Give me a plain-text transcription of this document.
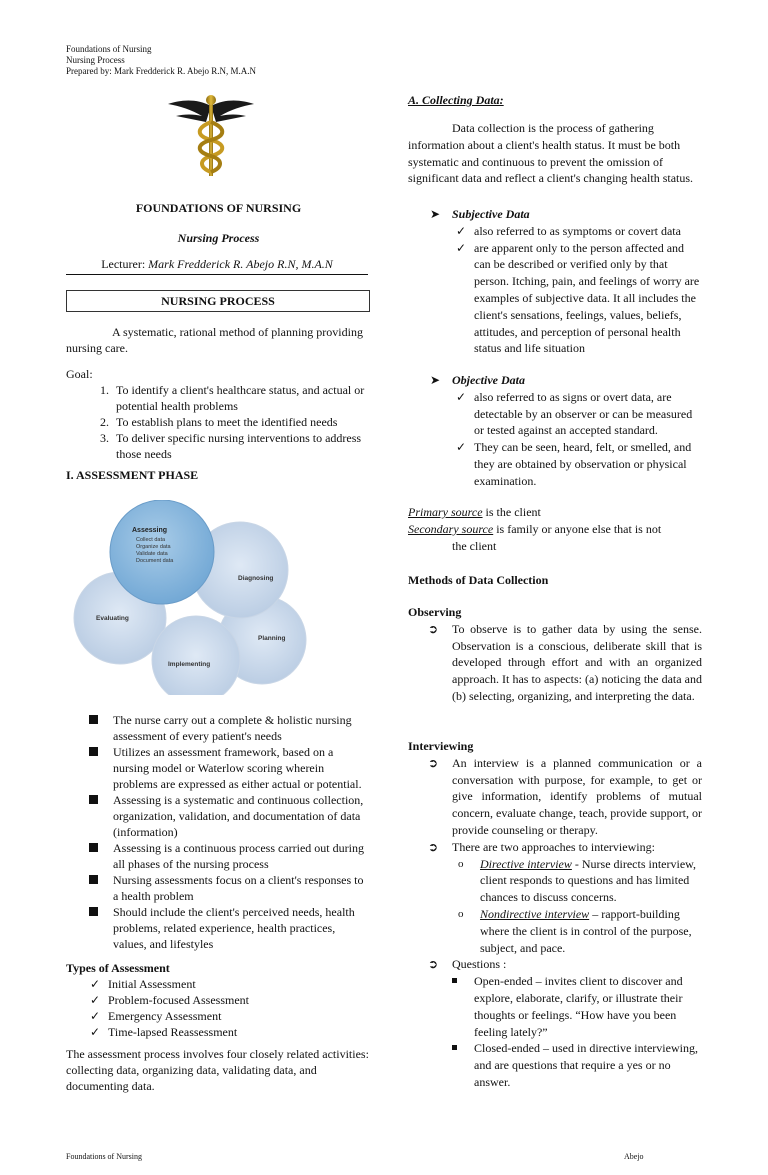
Foundations of Nursing
Nursing Process
Prepared by: Mark Fredderick R. Abejo R.N, M.A.N
FOUNDATIONS OF NURSING
Nursing Process
Lecturer: Mark Fredderick R. Abejo R.N, M.A.N
NURSING PROCESS
A systematic, rational method of planning providing nursing care.
Goal:
1. To identify a client's healthcare status, and actual or potential health problems
2. To establish plans to meet the identified needs
3. To deliver specific nursing interventions to address those needs
I. ASSESSMENT PHASE
Assessing
Collect data
Organize data
Validate data
Document data
Diagnosing
Planning
Implementing
Evaluating
The nurse carry out a complete & holistic nursing assessment of every patient's needs
Utilizes an assessment framework, based on a nursing model or Waterlow scoring wherein problems are expressed as either actual or potential.
Assessing is a systematic and continuous collection, organization, validation, and documentation of data (information)
Assessing is a continuous process carried out during all phases of the nursing process
Nursing assessments focus on a client's responses to a health problem
Should include the client's perceived needs, health problems, related experience, health practices, values, and lifestyles
Types of Assessment
✓ Initial Assessment
✓ Problem-focused Assessment
✓ Emergency Assessment
✓ Time-lapsed Reassessment
The assessment process involves four closely related activities: collecting data, organizing data, validating data, and documenting data.
A. Collecting Data:
Data collection is the process of gathering information about a client's health status. It must be both systematic and continuous to prevent the omission of significant data and reflect a client's changing health status.
➤ Subjective Data
✓ also referred to as symptoms or covert data
✓ are apparent only to the person affected and can be described or verified only by that person. Itching, pain, and feelings of worry are examples of subjective data. It all includes the client's sensations, feelings, values, beliefs, attitudes, and perception of personal health status and life situation
➤ Objective Data
✓ also referred to as signs or overt data, are detectable by an observer or can be measured or tested against an accepted standard.
✓ They can be seen, heard, felt, or smelled, and they are obtained by observation or physical examination.
Primary source is the client
Secondary source is family or anyone else that is not
the client
Methods of Data Collection
Observing
➲ To observe is to gather data by using the sense. Observation is a conscious, deliberate skill that is developed through effort and with an organized approach. It has to aspects: (a) noticing the data and (b) selecting, organizing, and interpreting the data.
Interviewing
➲ An interview is a planned communication or a conversation with purpose, for example, to get or give information, identify problems of mutual concern, evaluate change, teach, provide support, or provide counseling or therapy.
➲ There are two approaches to interviewing:
o Directive interview - Nurse directs interview, client responds to questions and has limited chances to discuss concerns.
o Nondirective interview – rapport-building where the client is in control of the purpose, subject, and pace.
➲ Questions :
Open-ended – invites client to discover and explore, elaborate, clarify, or illustrate their thoughts or feelings. “How have you been feeling lately?”
Closed-ended – used in directive interviewing, and are questions that require a yes or no answer.
Foundations of Nursing	Abejo
